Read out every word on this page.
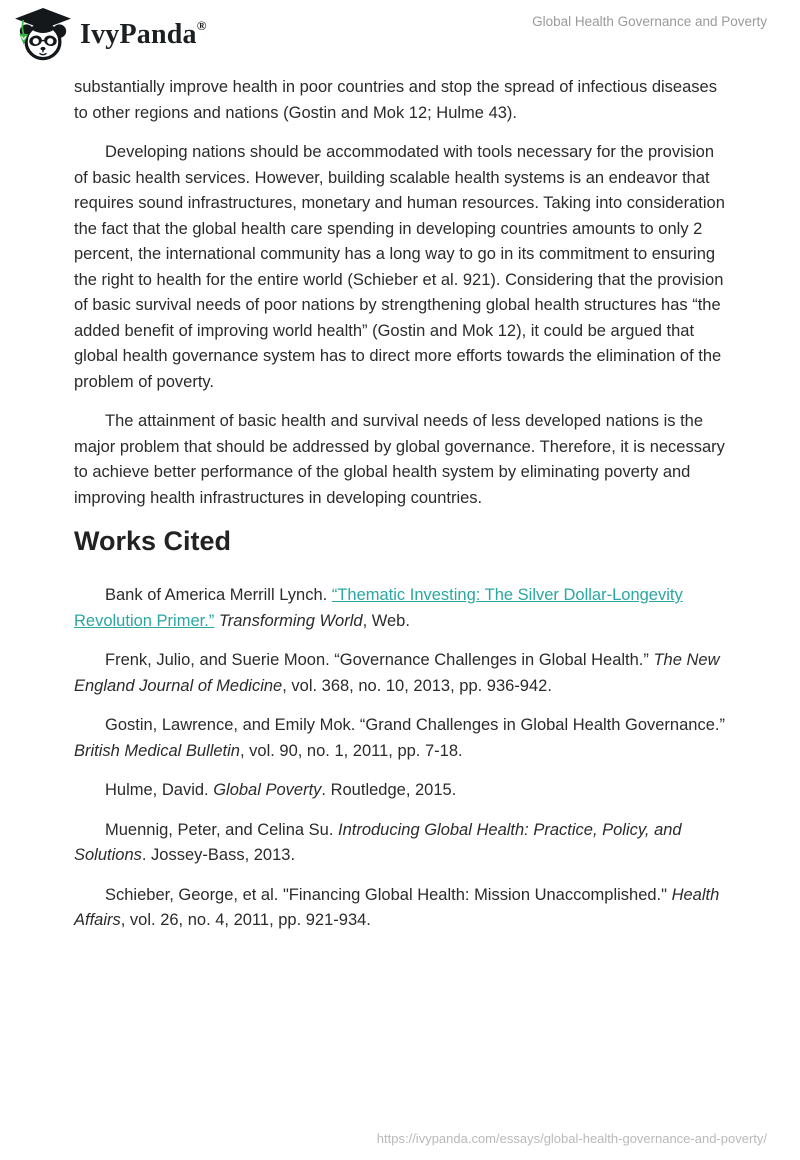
IvyPanda®	Global Health Governance and Poverty

substantially improve health in poor countries and stop the spread of infectious diseases to other regions and nations (Gostin and Mok 12; Hulme 43).

Developing nations should be accommodated with tools necessary for the provision of basic health services. However, building scalable health systems is an endeavor that requires sound infrastructures, monetary and human resources. Taking into consideration the fact that the global health care spending in developing countries amounts to only 2 percent, the international community has a long way to go in its commitment to ensuring the right to health for the entire world (Schieber et al. 921). Considering that the provision of basic survival needs of poor nations by strengthening global health structures has “the added benefit of improving world health” (Gostin and Mok 12), it could be argued that global health governance system has to direct more efforts towards the elimination of the problem of poverty.

The attainment of basic health and survival needs of less developed nations is the major problem that should be addressed by global governance. Therefore, it is necessary to achieve better performance of the global health system by eliminating poverty and improving health infrastructures in developing countries.

Works Cited

Bank of America Merrill Lynch. “Thematic Investing: The Silver Dollar-Longevity Revolution Primer.” Transforming World, Web.

Frenk, Julio, and Suerie Moon. “Governance Challenges in Global Health.” The New England Journal of Medicine, vol. 368, no. 10, 2013, pp. 936-942.

Gostin, Lawrence, and Emily Mok. “Grand Challenges in Global Health Governance.” British Medical Bulletin, vol. 90, no. 1, 2011, pp. 7-18.

Hulme, David. Global Poverty. Routledge, 2015.

Muennig, Peter, and Celina Su. Introducing Global Health: Practice, Policy, and Solutions. Jossey-Bass, 2013.

Schieber, George, et al. "Financing Global Health: Mission Unaccomplished." Health Affairs, vol. 26, no. 4, 2011, pp. 921-934.

https://ivypanda.com/essays/global-health-governance-and-poverty/
